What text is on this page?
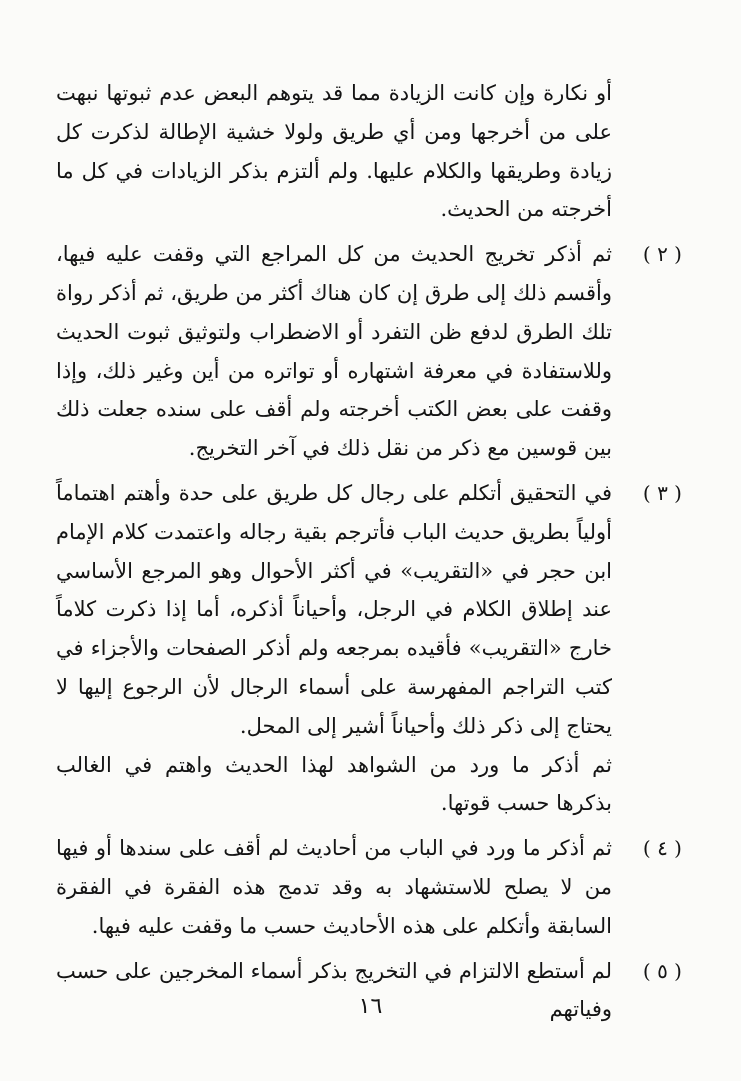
أو نكارة وإن كانت الزيادة مما قد يتوهم البعض عدم ثبوتها نبهت على من أخرجها ومن أي طريق ولولا خشية الإطالة لذكرت كل زيادة وطريقها والكلام عليها. ولم ألتزم بذكر الزيادات في كل ما أخرجته من الحديث.

( ٢ )

ثم أذكر تخريج الحديث من كل المراجع التي وقفت عليه فيها، وأقسم ذلك إلى طرق إن كان هناك أكثر من طريق، ثم أذكر رواة تلك الطرق لدفع ظن التفرد أو الاضطراب ولتوثيق ثبوت الحديث وللاستفادة في معرفة اشتهاره أو تواتره من أين وغير ذلك، وإذا وقفت على بعض الكتب أخرجته ولم أقف على سنده جعلت ذلك بين قوسين مع ذكر من نقل ذلك في آخر التخريج.

( ٣ )

في التحقيق أتكلم على رجال كل طريق على حدة وأهتم اهتماماً أولياً بطريق حديث الباب فأترجم بقية رجاله واعتمدت كلام الإمام ابن حجر في «التقريب» في أكثر الأحوال وهو المرجع الأساسي عند إطلاق الكلام في الرجل، وأحياناً أذكره، أما إذا ذكرت كلاماً خارج «التقريب» فأقيده بمرجعه ولم أذكر الصفحات والأجزاء في كتب التراجم المفهرسة على أسماء الرجال لأن الرجوع إليها لا يحتاج إلى ذكر ذلك وأحياناً أشير إلى المحل.

ثم أذكر ما ورد من الشواهد لهذا الحديث واهتم في الغالب بذكرها حسب قوتها.

( ٤ )

ثم أذكر ما ورد في الباب من أحاديث لم أقف على سندها أو فيها من لا يصلح للاستشهاد به وقد تدمج هذه الفقرة في الفقرة السابقة وأتكلم على هذه الأحاديث حسب ما وقفت عليه فيها.

( ٥ )

لم أستطع الالتزام في التخريج بذكر أسماء المخرجين على حسب وفياتهم

١٦
